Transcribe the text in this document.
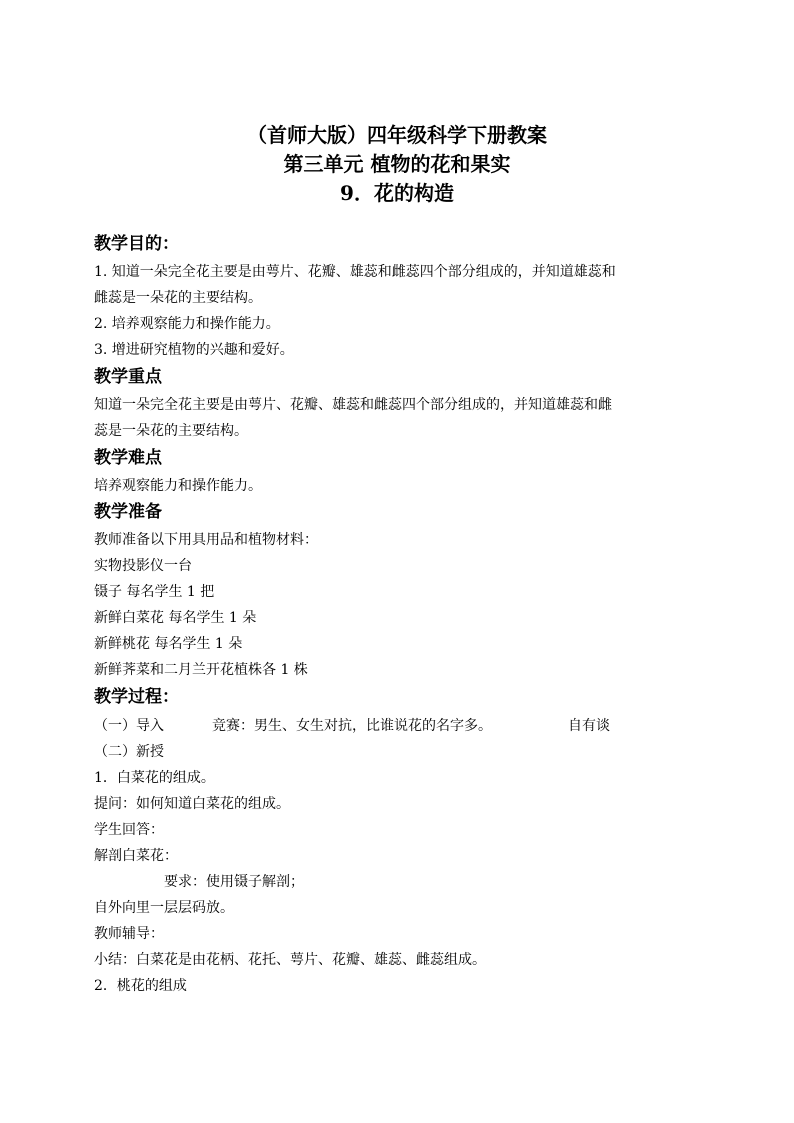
（首师大版）四年级科学下册教案
第三单元 植物的花和果实
9．花的构造
教学目的：
1. 知道一朵完全花主要是由萼片、花瓣、雄蕊和雌蕊四个部分组成的，并知道雄蕊和
雌蕊是一朵花的主要结构。
2. 培养观察能力和操作能力。
3. 增进研究植物的兴趣和爱好。
教学重点
知道一朵完全花主要是由萼片、花瓣、雄蕊和雌蕊四个部分组成的，并知道雄蕊和雌
蕊是一朵花的主要结构。
教学难点
培养观察能力和操作能力。
教学准备
教师准备以下用具用品和植物材料：
实物投影仪一台
镊子 每名学生 1 把
新鲜白菜花 每名学生 1 朵
新鲜桃花 每名学生 1 朵
新鲜荠菜和二月兰开花植株各 1 株
教学过程：
（一）导入	竞赛：男生、女生对抗，比谁说花的名字多。	自有谈
（二）新授
1．白菜花的组成。
提问：如何知道白菜花的组成。
学生回答：
解剖白菜花：
要求：使用镊子解剖；
自外向里一层层码放。
教师辅导：
小结：白菜花是由花柄、花托、萼片、花瓣、雄蕊、雌蕊组成。
2．桃花的组成
